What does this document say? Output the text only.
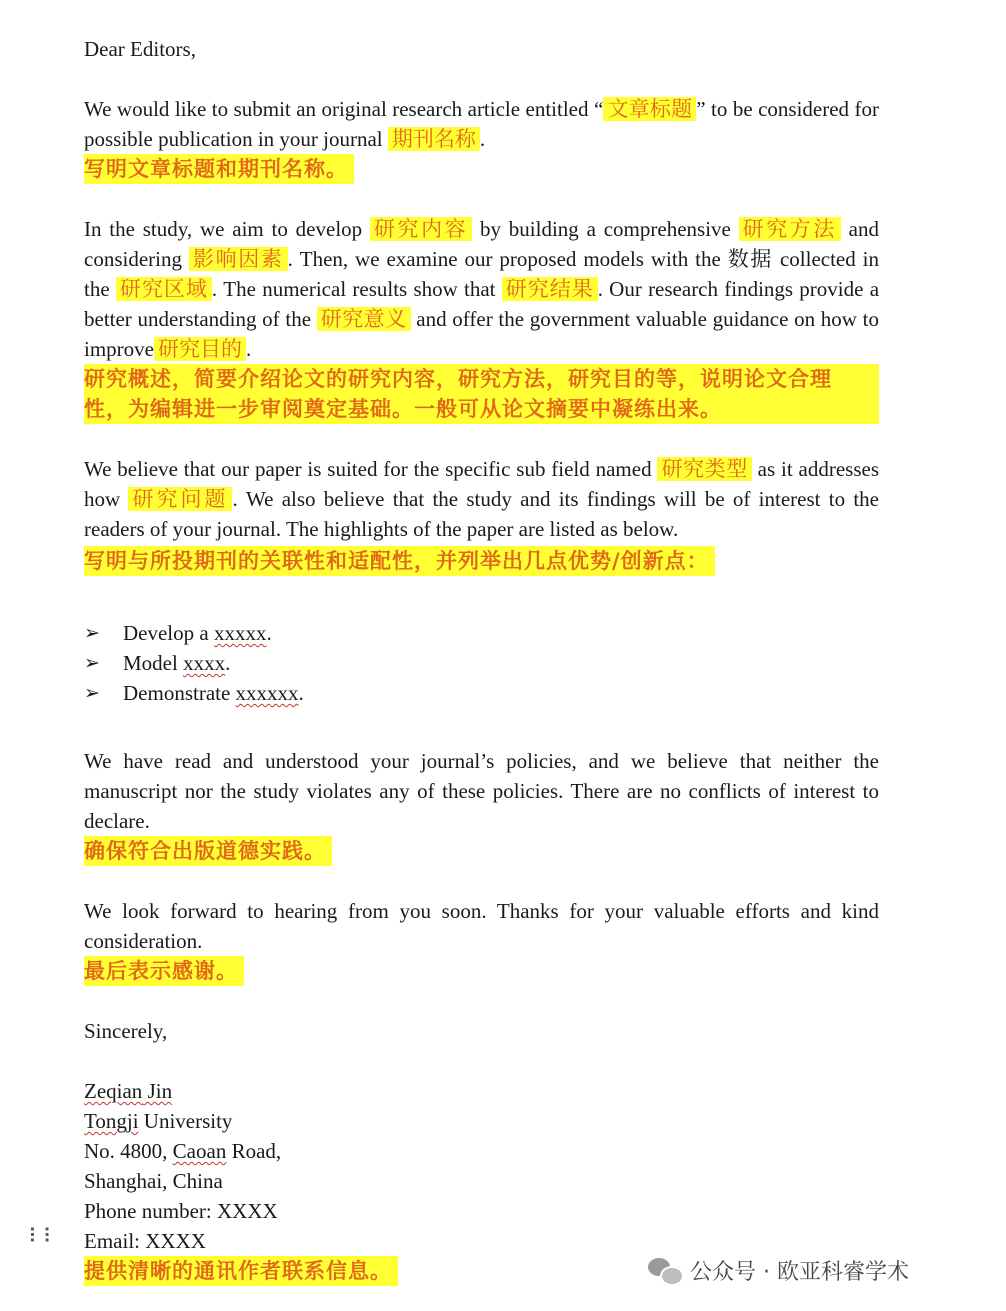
Dear Editors,

We would like to submit an original research article entitled “ 文章标题 ” to be considered for possible publication in your journal 期刊名称 .

写明文章标题和期刊名称。

In the study, we aim to develop 研究内容 by building a comprehensive 研究方法 and considering 影响因素 . Then, we examine our proposed models with the 数据 collected in the 研究区域 . The numerical results show that 研究结果 . Our research findings provide a better understanding of the 研究意义 and offer the government valuable guidance on how to improve 研究目的 .

研究概述，简要介绍论文的研究内容，研究方法，研究目的等，说明论文合理性，为编辑进一步审阅奠定基础。一般可从论文摘要中凝练出来。

We believe that our paper is suited for the specific sub field named 研究类型 as it addresses how 研究问题 . We also believe that the study and its findings will be of interest to the readers of your journal. The highlights of the paper are listed as below.

写明与所投期刊的关联性和适配性，并列举出几点优势/创新点：

➢ Develop a xxxxx.
➢ Model xxxx.
➢ Demonstrate xxxxxx.

We have read and understood your journal’s policies, and we believe that neither the manuscript nor the study violates any of these policies. There are no conflicts of interest to declare.

确保符合出版道德实践。

We look forward to hearing from you soon. Thanks for your valuable efforts and kind consideration.

最后表示感谢。

Sincerely,

Zeqian Jin

Tongji University

No. 4800, Caoan Road,

Shanghai, China

Phone number: XXXX

Email: XXXX

提供清晰的通讯作者联系信息。

⠇⠇
公众号 · 欧亚科睿学术
